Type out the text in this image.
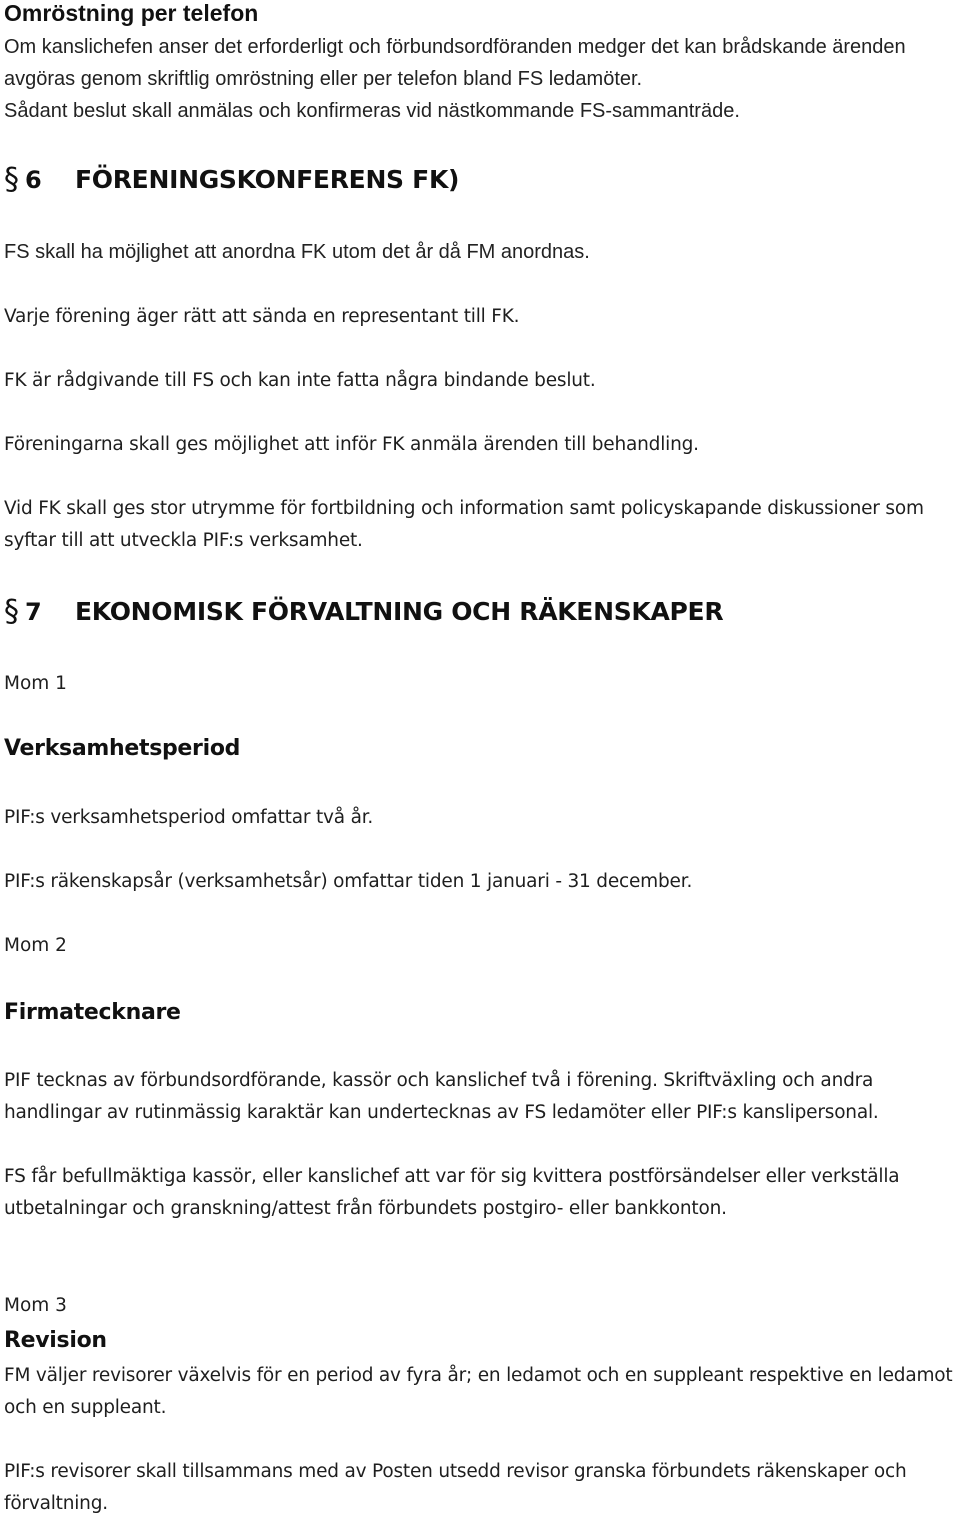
Omröstning per telefon
Om kanslichefen anser det erforderligt och förbundsordföranden medger det kan brådskande ärenden
avgöras genom skriftlig omröstning eller per telefon bland FS ledamöter.
Sådant beslut skall anmälas och konfirmeras vid nästkommande FS-sammanträde.
§ 6	FÖRENINGSKONFERENS FK)
FS skall ha möjlighet att anordna FK utom det år då FM anordnas.
Varje förening äger rätt att sända en representant till FK.
FK är rådgivande till FS och kan inte fatta några bindande beslut.
Föreningarna skall ges möjlighet att inför FK anmäla ärenden till behandling.
Vid FK skall ges stor utrymme för fortbildning och information samt policyskapande diskussioner som
syftar till att utveckla PIF:s verksamhet.
§ 7	EKONOMISK FÖRVALTNING OCH RÄKENSKAPER
Mom 1
Verksamhetsperiod
PIF:s verksamhetsperiod omfattar två år.
PIF:s räkenskapsår (verksamhetsår) omfattar tiden 1 januari - 31 december.
Mom 2
Firmatecknare
PIF tecknas av förbundsordförande, kassör och kanslichef två i förening. Skriftväxling och andra
handlingar av rutinmässig karaktär kan undertecknas av FS ledamöter eller PIF:s kanslipersonal.
FS får befullmäktiga kassör, eller kanslichef att var för sig kvittera postförsändelser eller verkställa
utbetalningar och granskning/attest från förbundets postgiro- eller bankkonton.
Mom 3
Revision
FM väljer revisorer växelvis för en period av fyra år; en ledamot och en suppleant respektive en ledamot
och en suppleant.
PIF:s revisorer skall tillsammans med av Posten utsedd revisor granska förbundets räkenskaper och
förvaltning.
